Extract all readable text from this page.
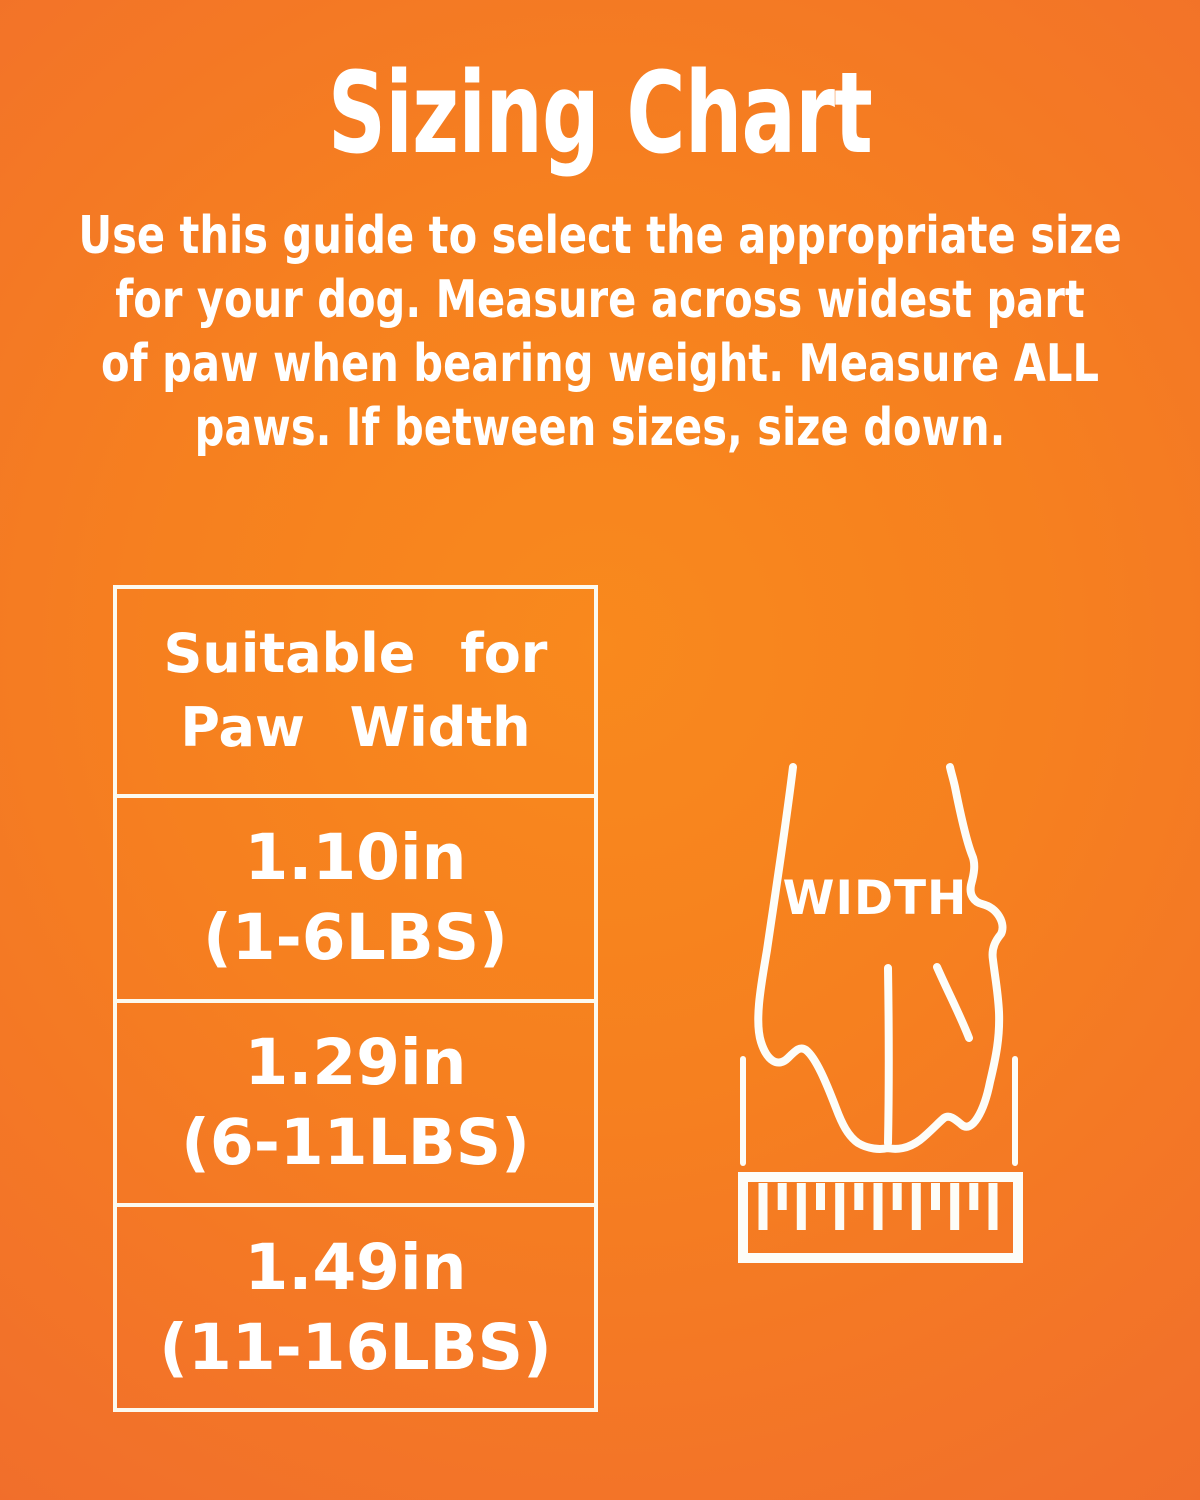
Sizing Chart
Use this guide to select the appropriate size
for your dog. Measure across widest part
of paw when bearing weight. Measure ALL
paws. If between sizes, size down.
Suitable for
Paw Width
1.10in
(1-6LBS)
1.29in
(6-11LBS)
1.49in
(11-16LBS)
WIDTH
